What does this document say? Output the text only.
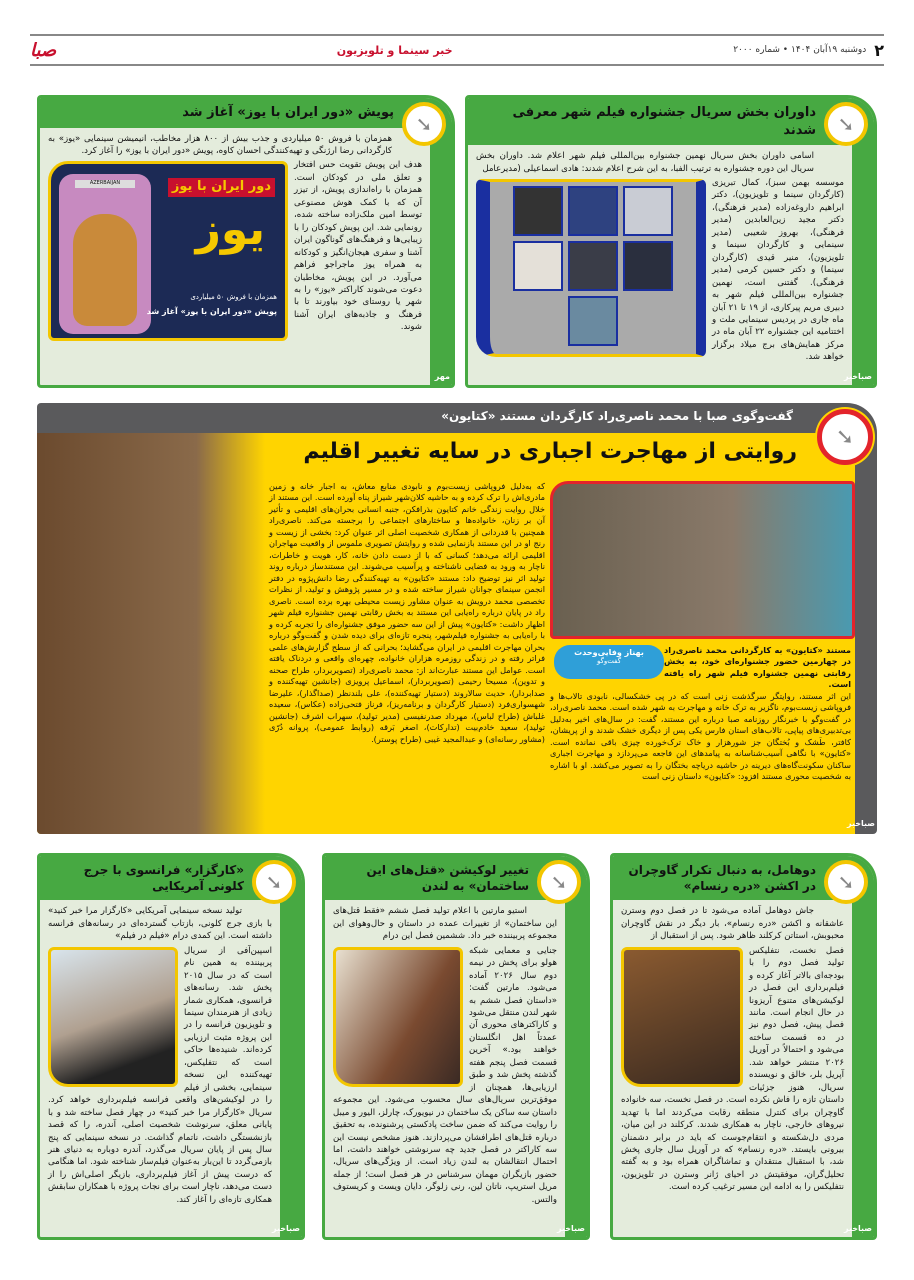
۲
دوشنبه ۱۹آبان ۱۴۰۴ • شماره ۲۰۰۰
خبر سینما و تلویزیون
صبا
➘
داوران بخش سریال جشنواره فیلم شهر معرفی شدند
صباخبر
اسامی داوران بخش سریال نهمین جشنواره بین‌المللی فیلم شهر اعلام شد. داوران بخش سریال این دوره جشنواره به ترتیب الفبا، به این شرح اعلام شدند: هادی اسماعیلی (مدیرعامل
موسسه بهمن سبز)، کمال تبریزی (کارگردان سینما و تلویزیون)، دکتر ابراهیم داروغه‌زاده (مدیر فرهنگی)، دکتر مجید زین‌العابدین (مدیر فرهنگی)، بهروز شعیبی (مدیر سینمایی و کارگردان سینما و تلویزیون)، منیر قیدی (کارگردان سینما) و دکتر حسین کرمی (مدیر فرهنگی). گفتنی است، نهمین جشنواره بین‌المللی فیلم شهر به دبیری مریم پیرکاری، از ۱۹ تا ۲۱ آبان ماه جاری در پردیس سینمایی ملت و اختتامیه این جشنواره ۲۲ آبان ماه در مرکز همایش‌های برج میلاد برگزار خواهد شد.
➘
پویش «دور ایران با یوز» آغاز شد
مهر
همزمان با فروش ۵۰ میلیاردی و جذب بیش از ۸۰۰ هزار مخاطب، انیمیشن سینمایی «یوز» به کارگردانی رضا ارژنگی و تهیه‌کنندگی احسان کاوه، پویش «دور ایران با یوز» را آغاز کرد.
AZERBAIJAN	دور ایران با یوز
یوز
همزمان با فروش ۵۰ میلیاردی
پویش «دور ایران با یوز» آغاز شد
هدف این پویش تقویت حس افتخار و تعلق ملی در کودکان است. همزمان با راه‌اندازی پویش، از تیزر آن که با کمک هوش مصنوعی توسط امین ملک‌زاده ساخته شده، رونمایی شد. این پویش کودکان را با زیبایی‌ها و فرهنگ‌های گوناگون ایران آشنا و سفری هیجان‌انگیز و کودکانه به همراه یوز ماجراجو فراهم می‌آورد. در این پویش، مخاطبان دعوت می‌شوند کاراکتر «یوز» را به شهر یا روستای خود بیاورند تا با فرهنگ و جاذبه‌های ایران آشنا شوند.
➘
گفت‌وگوی صبا با محمد ناصری‌راد کارگردان مستند «کتایون»
روایتی از مهاجرت اجباری در سایه تغییر اقلیم
که به‌دلیل فروپاشی زیست‌بوم و نابودی منابع معاش، به اجبار خانه و زمین مادری‌اش را ترک کرده و به حاشیه کلان‌شهر شیراز پناه آورده است. این مستند از خلال روایت زندگی خانم کتایون بذرافکن، جنبه انسانی بحران‌های اقلیمی و تأثیر آن بر زنان، خانواده‌ها و ساختارهای اجتماعی را برجسته می‌کند. ناصری‌راد همچنین با قدردانی از همکاری شخصیت اصلی اثر عنوان کرد: بخشی از زیست و رنج او در این مستند بازنمایی شده و روایتش تصویری ملموس از واقعیت مهاجران اقلیمی ارائه می‌دهد؛ کسانی که با از دست دادن خانه، کار، هویت و خاطرات، ناچار به ورود به فضایی ناشناخته و پرآسیب می‌شوند. این مستندساز درباره روند تولید اثر نیز توضیح داد: مستند «کتایون» به تهیه‌کنندگی رضا دانش‌پژوه در دفتر انجمن سینمای جوانان شیراز ساخته شده و در مسیر پژوهش و تولید، از نظرات تخصصی محمد درویش به عنوان مشاور زیست محیطی بهره برده است. ناصری راد در پایان درباره راه‌یابی این مستند به بخش رقابتی نهمین جشنواره فیلم شهر اظهار داشت: «کتایون» پیش از این سه حضور موفق جشنواره‌ای را تجربه کرده و با راه‌یابی به جشنواره فیلم‌شهر، پنجره تازه‌ای برای دیده شدن و گفت‌وگو درباره بحران مهاجرت اقلیمی در ایران می‌گشاید؛ بحرانی که از سطح گزارش‌های علمی فراتر رفته و در زندگی روزمره هزاران خانواده، چهره‌ای واقعی و دردناک یافته است. عوامل این مستند عبارت‌اند از: محمد ناصری‌راد (تصویربردار، طراح صحنه و تدوین)، مسیحا رحیمی (تصویربردار)، اسماعیل پرویزی (جانشین تهیه‌کننده و صدابردار)، حدیث سالاروند (دستیار تهیه‌کننده)، علی بلندنظر (صداگذار)، علیرضا شهسواری‌فرد (دستیار کارگردان و برنامه‌ریز)، فرناز فتحی‌زاده (عکاس)، سعیده غلباش (طراح لباس)، مهرداد صدرنفیسی (مدیر تولید)، سهراب اشرف (جانشین تولید)، سعید خادم‌بیت (تدارکات)، اصغر بَرقه (روابط عمومی)، پروانه دُرّی (مشاور رسانه‌ای) و عبدالمجید غیبی (طراح پوستر).
بهناز وفایی‌وحدت
گفت‌وگو
مستند «کتایون» به کارگردانی محمد ناصری‌راد در چهارمین حضور جشنواره‌ای خود، به بخش رقابتی نهمین جشنواره فیلم شهر راه یافته است.
این اثر مستند، روایتگر سرگذشت زنی است که در پی خشکسالی، نابودی تالاب‌ها و فروپاشی زیست‌بوم، ناگزیر به ترک خانه و مهاجرت به شهر شده است. محمد ناصری‌راد، در گفت‌وگو با خبرنگار روزنامه صبا درباره این مستند، گفت: در سال‌های اخیر به‌دلیل بی‌تدبیری‌های پیاپی، تالاب‌های استان فارس یکی پس از دیگری خشک شدند و از پریشان، کافتر، طَشک و بُختگان جز شورهزار و خاک ترک‌خورده چیزی باقی نمانده است. «کتایون» با نگاهی آسیب‌شناسانه به پیامدهای این فاجعه می‌پردازد و مهاجرت اجباری ساکنان سکونت‌گاه‌های دیرینه در حاشیه دریاچه بختگان را به تصویر می‌کشد. او با اشاره به شخصیت محوری مستند افزود: «کتایون» داستان زنی است
صباخبر
➘
دوهامل، به دنبال تکرار گاوچران در اکشن «دره رنسام»
صباخبر
جاش دوهامل آماده می‌شود تا در فصل دوم وسترن عاشقانه و اکشن «دره رنسام»، بار دیگر در نقش گاوچران محبوبش، استاتن کرکلند ظاهر شود. پس از استقبال از
فصل نخست، نتفلیکس تولید فصل دوم را با بودجه‌ای بالاتر آغاز کرده و فیلم‌برداری این فصل در لوکیشن‌های متنوع آریزونا در حال انجام است. مانند فصل پیش، فصل دوم نیز در ده قسمت ساخته می‌شود و احتمالاً در آوریل ۲۰۲۶ منتشر خواهد شد. آپریل بلر، خالق و نویسنده سریال، هنوز جزئیات داستان تازه را فاش نکرده است. در فصل نخست، سه خانواده گاوچران برای کنترل منطقه رقابت می‌کردند اما با تهدید نیروهای خارجی، ناچار به همکاری شدند. کرکلند در این میان، مردی دل‌شکسته و انتقام‌جوست که باید در برابر دشمنان بیرونی بایستد. «دره رنسام» که در آوریل سال جاری پخش شد، با استقبال منتقدان و تماشاگران همراه بود و به گفته تحلیل‌گران، موفقیتش در احیای ژانر وسترن در تلویزیون، نتفلیکس را به ادامه این مسیر ترغیب کرده است.
➘
تغییر لوکیشن «قتل‌های این ساختمان» به لندن
صباخبر
استیو مارتین با اعلام تولید فصل ششم «فقط قتل‌های این ساختمان» از تغییرات عمده در داستان و حال‌وهوای این مجموعه پربیننده خبر داد. ششمین فصل این درام
جنایی و معمایی شبکه هولو برای پخش در نیمه دوم سال ۲۰۲۶ آماده می‌شود. مارتین گفت: «داستان فصل ششم به شهر لندن منتقل می‌شود و کاراکترهای محوری آن عمدتاً اهل انگلستان خواهند بود.» آخرین قسمت فصل پنجم هفته گذشته پخش شد و طبق ارزیابی‌ها، همچنان از موفق‌ترین سریال‌های سال محسوب می‌شود. این مجموعه داستان سه ساکن یک ساختمان در نیویورک، چارلز، الیور و میبل را روایت می‌کند که ضمن ساخت پادکستی پرشنونده، به تحقیق درباره قتل‌های اطرافشان می‌پردازند. هنوز مشخص نیست این سه کاراکتر در فصل جدید چه سرنوشتی خواهند داشت، اما احتمال انتقالشان به لندن زیاد است. از ویژگی‌های سریال، حضور بازیگران مهمان سرشناس در هر فصل است؛ از جمله مریل استریپ، ناتان لین، رنی زلوگر، دایان ویست و کریستوف والتس.
➘
«کارگزار» فرانسوی با جرج کلونی آمریکایی
صباخبر
تولید نسخه سینمایی آمریکایی «کارگزار مرا خبر کنید» با بازی جرج کلونی، بازتاب گسترده‌ای در رسانه‌های فرانسه داشته است. این کمدی درام «فیلم در فیلم»
اسپین‌آفی از سریال پربیننده به همین نام است که در سال ۲۰۱۵ پخش شد. رسانه‌های فرانسوی، همکاری شمار زیادی از هنرمندان سینما و تلویزیون فرانسه را در این پروژه مثبت ارزیابی کرده‌اند. شنیده‌ها حاکی است که نتفلیکس، تهیه‌کننده این نسخه سینمایی، بخشی از فیلم را در لوکیشن‌های واقعی فرانسه فیلم‌برداری خواهد کرد. سریال «کارگزار مرا خبر کنید» در چهار فصل ساخته شد و با پایانی معلق، سرنوشت شخصیت اصلی، آندره، را که قصد بازنشستگی داشت، ناتمام گذاشت. در نسخه سینمایی که پنج سال پس از پایان سریال می‌گذرد، آندره دوباره به دنیای هنر بازمی‌گردد تا این‌بار به‌عنوان فیلم‌ساز شناخته شود. اما هنگامی که درست پیش از آغاز فیلم‌برداری، بازیگر اصلی‌اش را از دست می‌دهد، ناچار است برای نجات پروژه با همکاران سابقش همکاری تازه‌ای را آغاز کند.
